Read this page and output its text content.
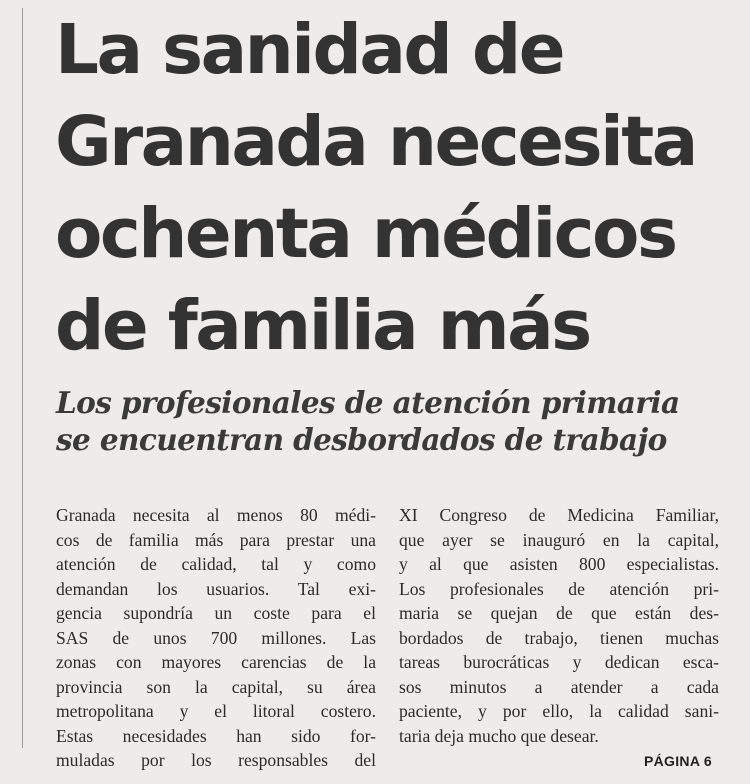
La sanidad de
Granada necesita
ochenta médicos
de familia más
Los profesionales de atención primaria
se encuentran desbordados de trabajo
Granada necesita al menos 80 médi-
cos de familia más para prestar una
atención de calidad, tal y como
demandan los usuarios. Tal exi-
gencia supondría un coste para el
SAS de unos 700 millones. Las
zonas con mayores carencias de la
provincia son la capital, su área
metropolitana y el litoral costero.
Estas necesidades han sido for-
muladas por los responsables del
XI Congreso de Medicina Familiar,
que ayer se inauguró en la capital,
y al que asisten 800 especialistas.
Los profesionales de atención pri-
maria se quejan de que están des-
bordados de trabajo, tienen muchas
tareas burocráticas y dedican esca-
sos minutos a atender a cada
paciente, y por ello, la calidad sani-
taria deja mucho que desear.
PÁGINA 6
